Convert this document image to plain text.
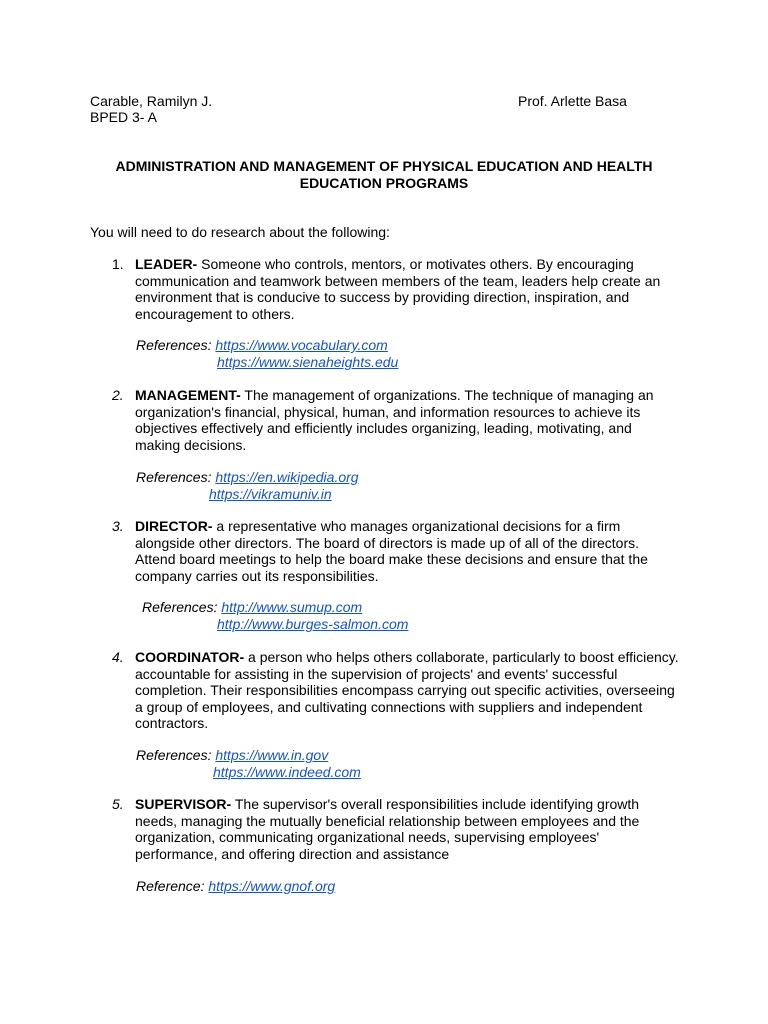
Carable, Ramilyn J.
BPED 3- A
Prof. Arlette Basa
ADMINISTRATION AND MANAGEMENT OF PHYSICAL EDUCATION AND HEALTH
EDUCATION PROGRAMS
You will need to do research about the following:
1. LEADER- Someone who controls, mentors, or motivates others. By encouraging communication and teamwork between members of the team, leaders help create an environment that is conducive to success by providing direction, inspiration, and encouragement to others.
References: https://www.vocabulary.com
https://www.sienaheights.edu
2. MANAGEMENT- The management of organizations. The technique of managing an organization's financial, physical, human, and information resources to achieve its objectives effectively and efficiently includes organizing, leading, motivating, and making decisions.
References: https://en.wikipedia.org
https://vikramuniv.in
3. DIRECTOR- a representative who manages organizational decisions for a firm alongside other directors. The board of directors is made up of all of the directors. Attend board meetings to help the board make these decisions and ensure that the company carries out its responsibilities.
References: http://www.sumup.com
http://www.burges-salmon.com
4. COORDINATOR- a person who helps others collaborate, particularly to boost efficiency. accountable for assisting in the supervision of projects' and events' successful completion. Their responsibilities encompass carrying out specific activities, overseeing a group of employees, and cultivating connections with suppliers and independent contractors.
References: https://www.in.gov
https://www.indeed.com
5. SUPERVISOR- The supervisor's overall responsibilities include identifying growth needs, managing the mutually beneficial relationship between employees and the organization, communicating organizational needs, supervising employees' performance, and offering direction and assistance
Reference: https://www.gnof.org
